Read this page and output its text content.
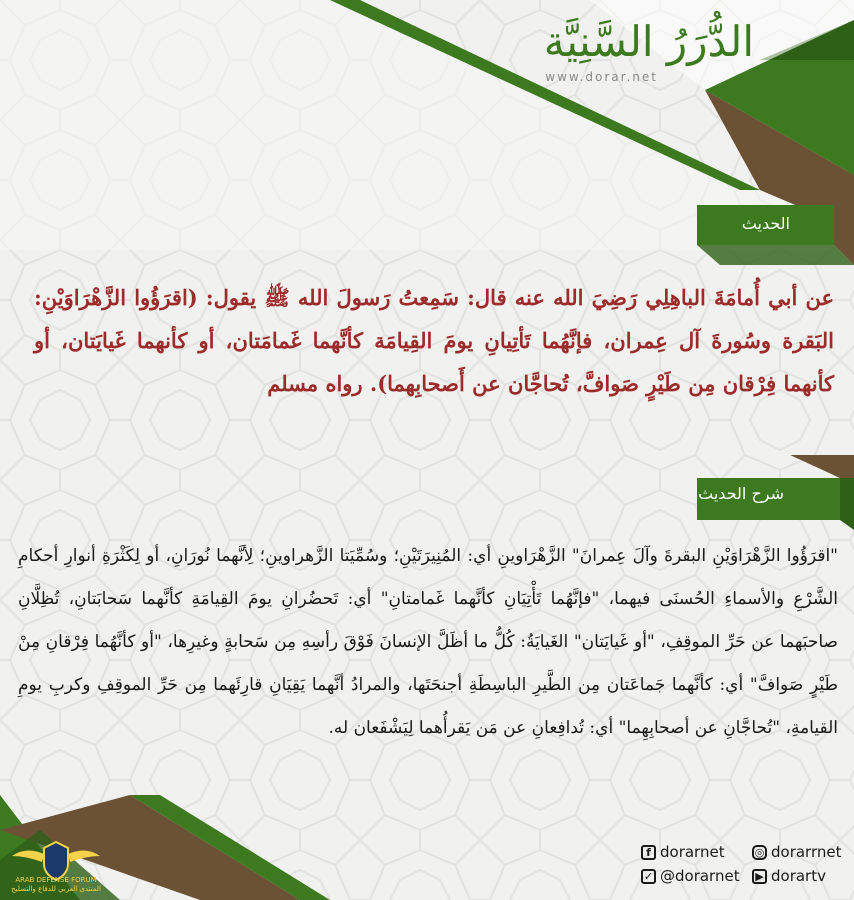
الدُّرَرُ السَّنِيَّة
www.dorar.net
الحديث
شرح الحديث
عن أبي أُمامَةَ الباهِلِي رَضِيَ الله عنه قال: سَمِعتُ رَسولَ الله ﷺ يقول: (اقرَؤُوا الزَّهْرَاوَيْنِ: البَقرة وسُورةَ آل عِمران، فإنَّهُما تَأتِيانِ يومَ القِيامَة كأنَّهما غَمامَتان، أو كأنهما غَيايَتان، أو كأنهما فِرْقان مِن طَيْرٍ صَوافَّ، تُحاجَّان عن أَصحابِهما). رواه مسلم
"اقرَؤُوا الزَّهْرَاوَيْنِ البقرةَ وآلَ عِمرانَ" الزَّهْرَاوينِ أي: المُنِيرَتَيْنِ؛ وسُمِّيَتا الزَّهراوينِ؛ لِأنَّهما نُورَانِ، أو لِكَثْرَةِ أنوارِ أحكامِ الشَّرْعِ والأسماءِ الحُسنَى فيهما، "فإنَّهُما تَأْتِيَانِ كأنَّهما غَمامتانِ" أي: تَحضُرانِ يومَ القِيامَةِ كأنَّهما سَحابَتانِ، تُظِلَّانِ صاحبَهما عن حَرِّ الموقِفِ، "أو غَيايَتان" الغَيايَةُ: كُلُّ ما أظَلَّ الإنسانَ فَوْقَ رأسِهِ مِن سَحابةٍ وغيرِها، "أو كأنَّهُما فِرْقانِ مِنْ طَيْرٍ صَوافَّ" أي: كأنَّهما جَماعَتان مِن الطَّيرِ الباسِطَةِ أجنحَتَها، والمرادُ أنَّهما يَقِيَانِ قارِئَهما مِن حَرِّ الموقِفِ وكربِ يومِ القيامةِ، "تُحاجَّانِ عن أصحابِهِما" أي: تُدافِعانِ عن مَن يَقرأُهما لِيَشْفَعان له.
ARAB DEFENSE FORUM
المنتدى العربي للدفاع والتسليح
f dorarnet	◎ dorarrnet
✓ @dorarnet ▶ dorartv
